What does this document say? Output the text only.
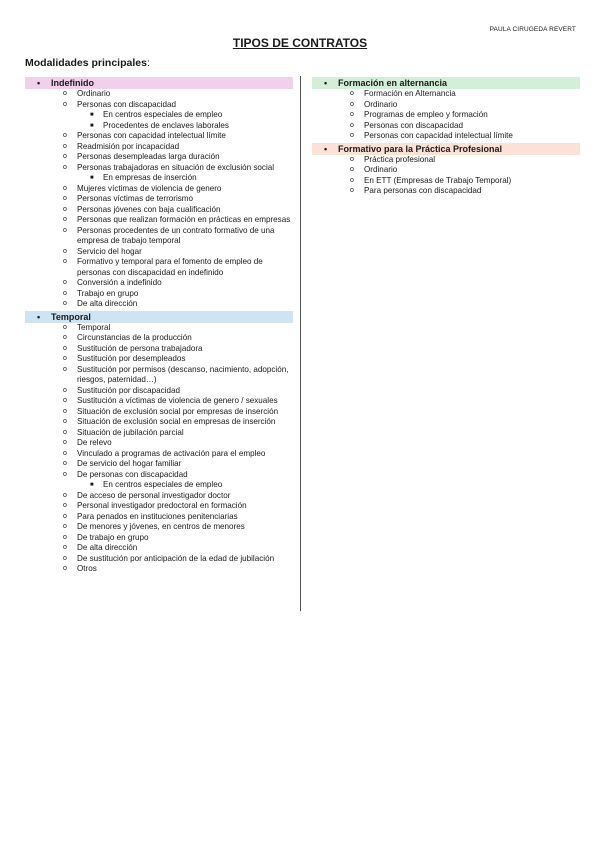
PAULA CIRUGEDA REVERT
TIPOS DE CONTRATOS
Modalidades principales:
• Indefinido
o Ordinario
o Personas con discapacidad
■ En centros especiales de empleo
■ Procedentes de enclaves laborales
o Personas con capacidad intelectual límite
o Readmisión por incapacidad
o Personas desempleadas larga duración
o Personas trabajadoras en situación de exclusión social
■ En empresas de inserción
o Mujeres víctimas de violencia de genero
o Personas víctimas de terrorismo
o Personas jóvenes con baja cualificación
o Personas que realizan formación en prácticas en empresas
o Personas procedentes de un contrato formativo de una empresa de trabajo temporal
o Servicio del hogar
o Formativo y temporal para el fomento de empleo de personas con discapacidad en indefinido
o Conversión a indefinido
o Trabajo en grupo
o De alta dirección
• Temporal
o Temporal
o Circunstancias de la producción
o Sustitución de persona trabajadora
o Sustitución por desempleados
o Sustitución por permisos (descanso, nacimiento, adopción, riesgos, paternidad…)
o Sustitución por discapacidad
o Sustitución a víctimas de violencia de genero / sexuales
o Situación de exclusión social por empresas de inserción
o Situación de exclusión social en empresas de inserción
o Situación de jubilación parcial
o De relevo
o Vinculado a programas de activación para el empleo
o De servicio del hogar familiar
o De personas con discapacidad
■ En centros especiales de empleo
o De acceso de personal investigador doctor
o Personal investigador predoctoral en formación
o Para penados en instituciones penitenciarias
o De menores y jóvenes, en centros de menores
o De trabajo en grupo
o De alta dirección
o De sustitución por anticipación de la edad de jubilación
o Otros
• Formación en alternancia
o Formación en Alternancia
o Ordinario
o Programas de empleo y formación
o Personas con discapacidad
o Personas con capacidad intelectual límite
• Formativo para la Práctica Profesional
o Práctica profesional
o Ordinario
o En ETT (Empresas de Trabajo Temporal)
o Para personas con discapacidad
